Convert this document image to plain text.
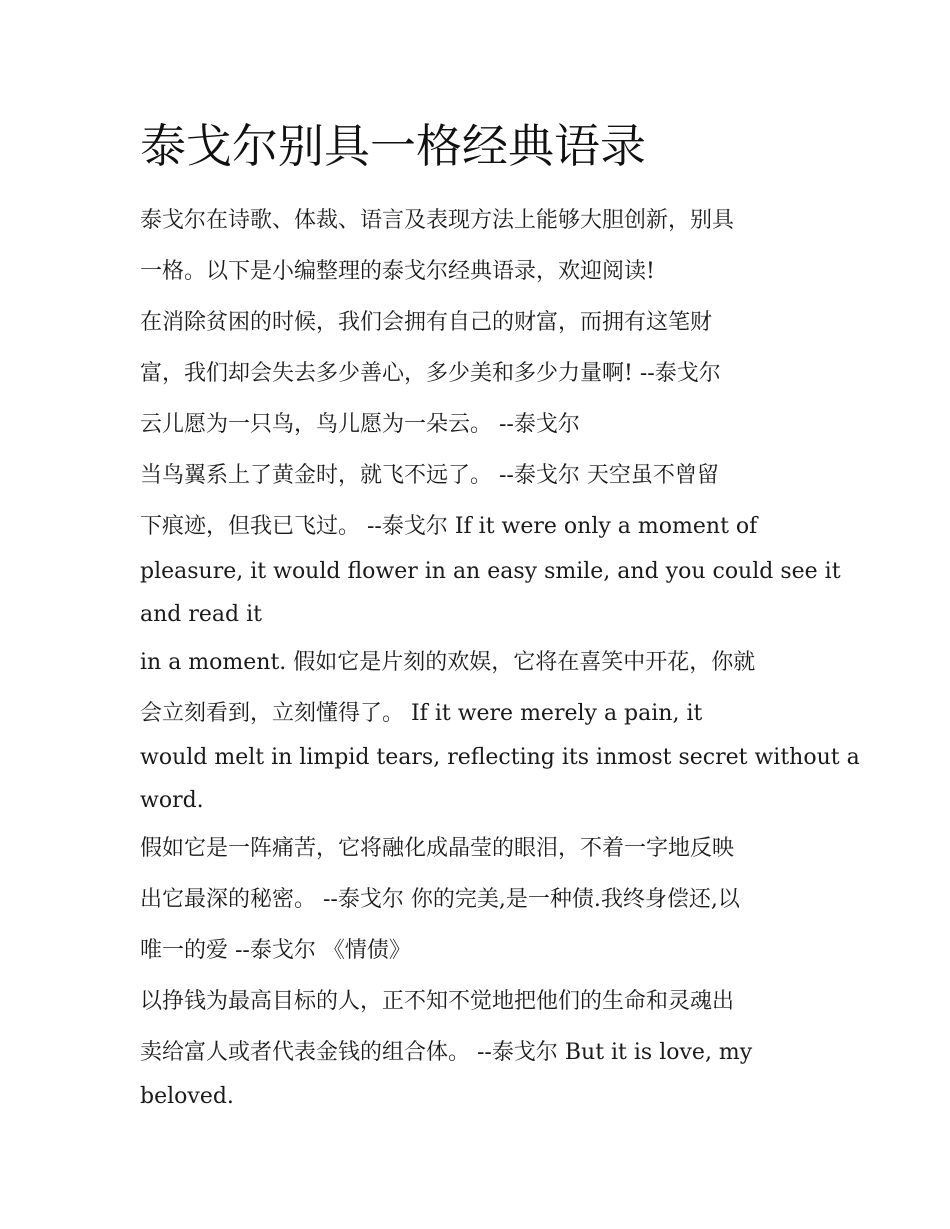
泰戈尔别具一格经典语录
泰戈尔在诗歌、体裁、语言及表现方法上能够大胆创新，别具
一格。以下是小编整理的泰戈尔经典语录，欢迎阅读!
在消除贫困的时候，我们会拥有自己的财富，而拥有这笔财
富，我们却会失去多少善心，多少美和多少力量啊! --泰戈尔
云儿愿为一只鸟，鸟儿愿为一朵云。 --泰戈尔
当鸟翼系上了黄金时，就飞不远了。 --泰戈尔 天空虽不曾留
下痕迹，但我已飞过。 --泰戈尔 If it were only a moment of
pleasure, it would flower in an easy smile, and you could see it
and read it
in a moment. 假如它是片刻的欢娱，它将在喜笑中开花，你就
会立刻看到，立刻懂得了。 If it were merely a pain, it
would melt in limpid tears, reflecting its inmost secret without a
word.
假如它是一阵痛苦，它将融化成晶莹的眼泪，不着一字地反映
出它最深的秘密。 --泰戈尔 你的完美,是一种债.我终身偿还,以
唯一的爱 --泰戈尔 《情债》
以挣钱为最高目标的人，正不知不觉地把他们的生命和灵魂出
卖给富人或者代表金钱的组合体。 --泰戈尔 But it is love, my
beloved.
